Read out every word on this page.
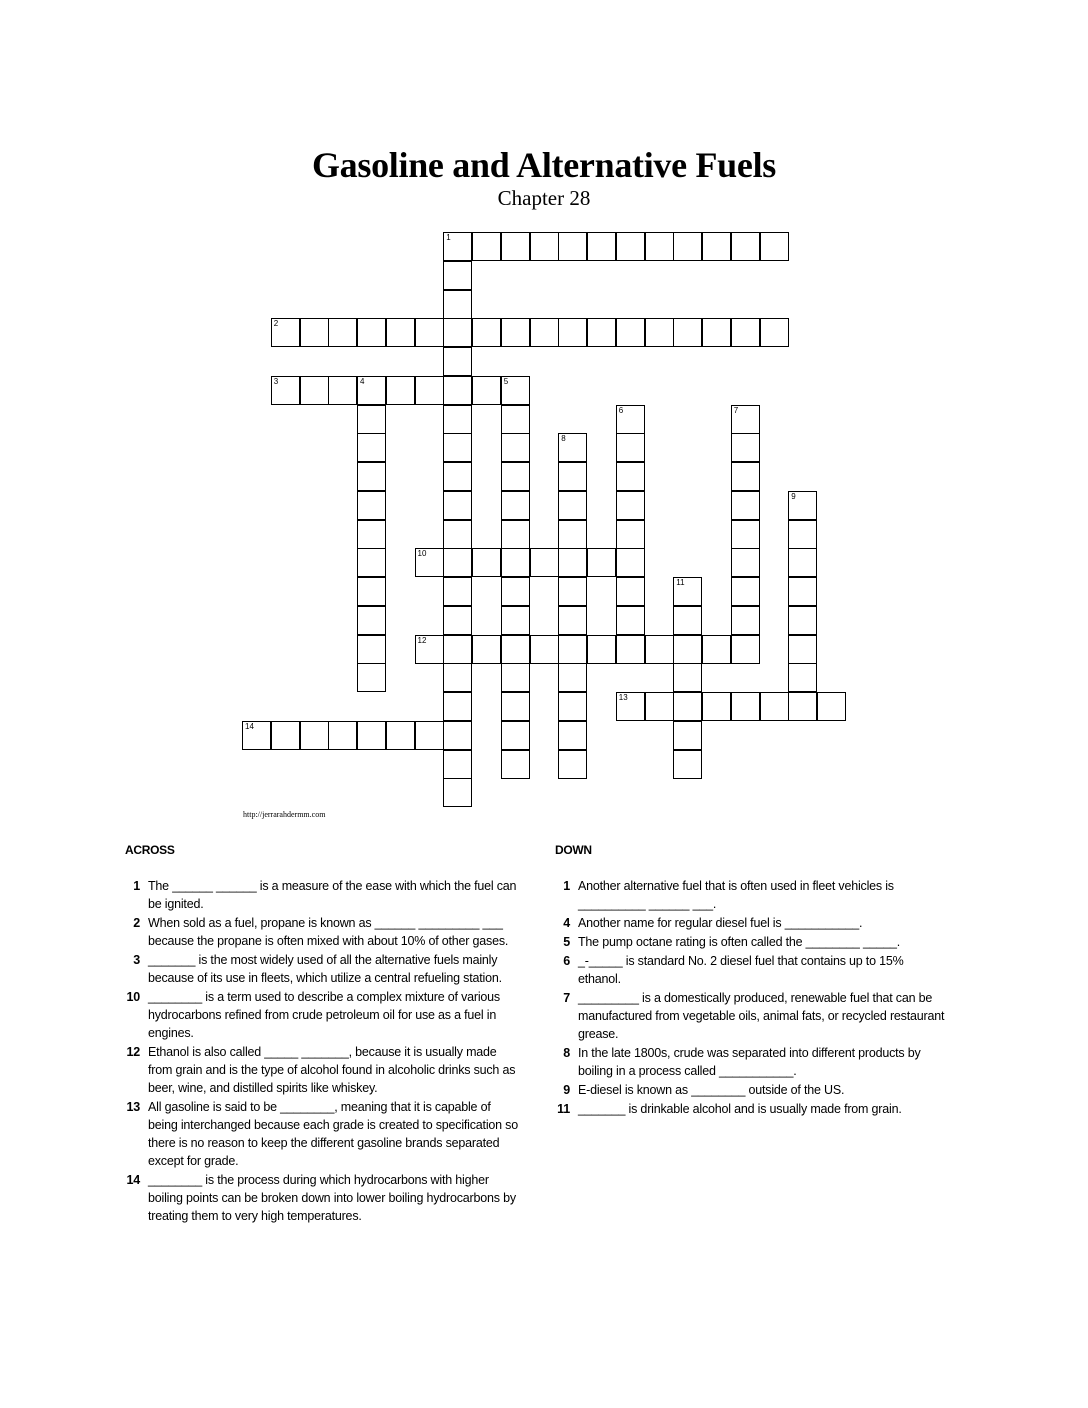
Gasoline and Alternative Fuels
Chapter 28
1
2
3	4	5
6	7
8
9
10
11
12
13
14
http://jerrarahdermm.com
ACROSS	DOWN
1 The ______ ______ is a measure of the ease with which the fuel can be ignited.
2 When sold as a fuel, propane is known as ______ _________ ___ because the propane is often mixed with about 10% of other gases.
3 _______ is the most widely used of all the alternative fuels mainly because of its use in fleets, which utilize a central refueling station.
10 ________ is a term used to describe a complex mixture of various hydrocarbons refined from crude petroleum oil for use as a fuel in engines.
12 Ethanol is also called _____ _______, because it is usually made from grain and is the type of alcohol found in alcoholic drinks such as beer, wine, and distilled spirits like whiskey.
13 All gasoline is said to be ________, meaning that it is capable of being interchanged because each grade is created to specification so there is no reason to keep the different gasoline brands separated except for grade.
14 ________ is the process during which hydrocarbons with higher boiling points can be broken down into lower boiling hydrocarbons by treating them to very high temperatures.
1 Another alternative fuel that is often used in fleet vehicles is __________ ______ ___.
4 Another name for regular diesel fuel is ___________.
5 The pump octane rating is often called the ________ _____.
6 _-_____ is standard No. 2 diesel fuel that contains up to 15% ethanol.
7 _________ is a domestically produced, renewable fuel that can be manufactured from vegetable oils, animal fats, or recycled restaurant grease.
8 In the late 1800s, crude was separated into different products by boiling in a process called ___________.
9 E-diesel is known as ________ outside of the US.
11 _______ is drinkable alcohol and is usually made from grain.
